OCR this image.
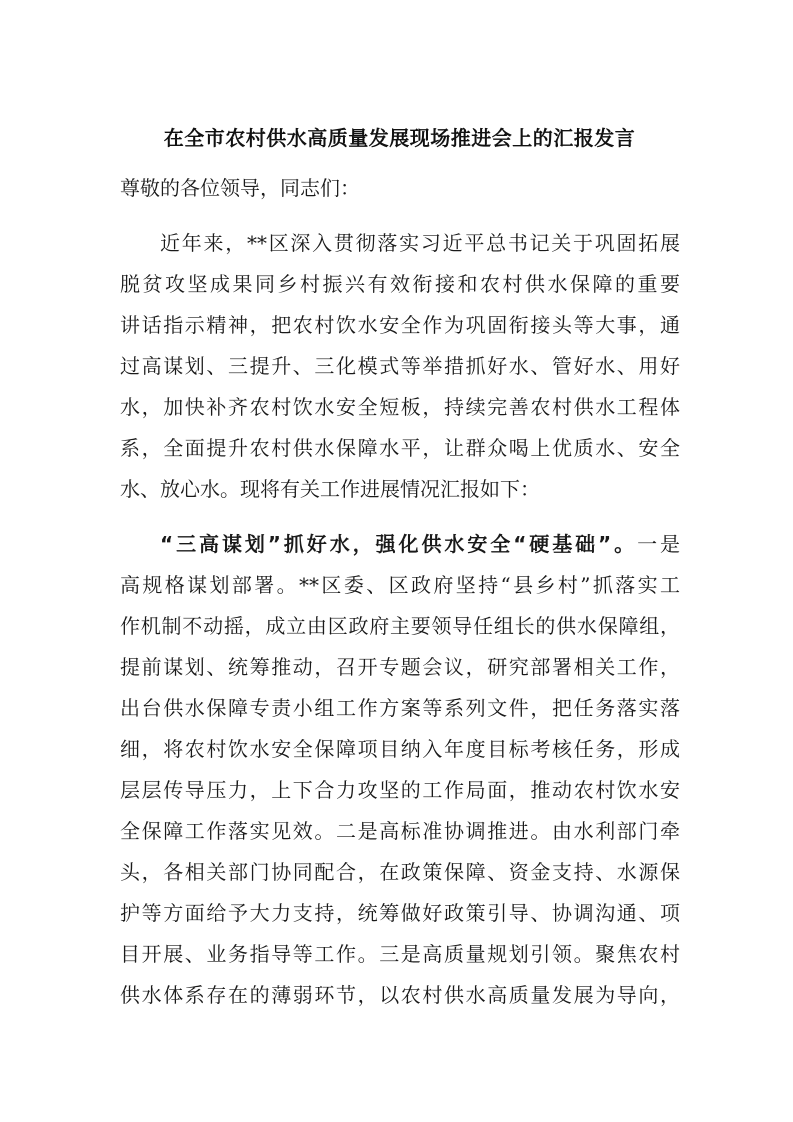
在全市农村供水高质量发展现场推进会上的汇报发言
尊敬的各位领导，同志们：
近年来，**区深入贯彻落实习近平总书记关于巩固拓展
脱贫攻坚成果同乡村振兴有效衔接和农村供水保障的重要
讲话指示精神，把农村饮水安全作为巩固衔接头等大事，通
过高谋划、三提升、三化模式等举措抓好水、管好水、用好
水，加快补齐农村饮水安全短板，持续完善农村供水工程体
系，全面提升农村供水保障水平，让群众喝上优质水、安全
水、放心水。现将有关工作进展情况汇报如下：
“三高谋划”抓好水，强化供水安全“硬基础”。一是
高规格谋划部署。**区委、区政府坚持“县乡村”抓落实工
作机制不动摇，成立由区政府主要领导任组长的供水保障组，
提前谋划、统筹推动，召开专题会议，研究部署相关工作，
出台供水保障专责小组工作方案等系列文件，把任务落实落
细，将农村饮水安全保障项目纳入年度目标考核任务，形成
层层传导压力，上下合力攻坚的工作局面，推动农村饮水安
全保障工作落实见效。二是高标准协调推进。由水利部门牵
头，各相关部门协同配合，在政策保障、资金支持、水源保
护等方面给予大力支持，统筹做好政策引导、协调沟通、项
目开展、业务指导等工作。三是高质量规划引领。聚焦农村
供水体系存在的薄弱环节，以农村供水高质量发展为导向，
